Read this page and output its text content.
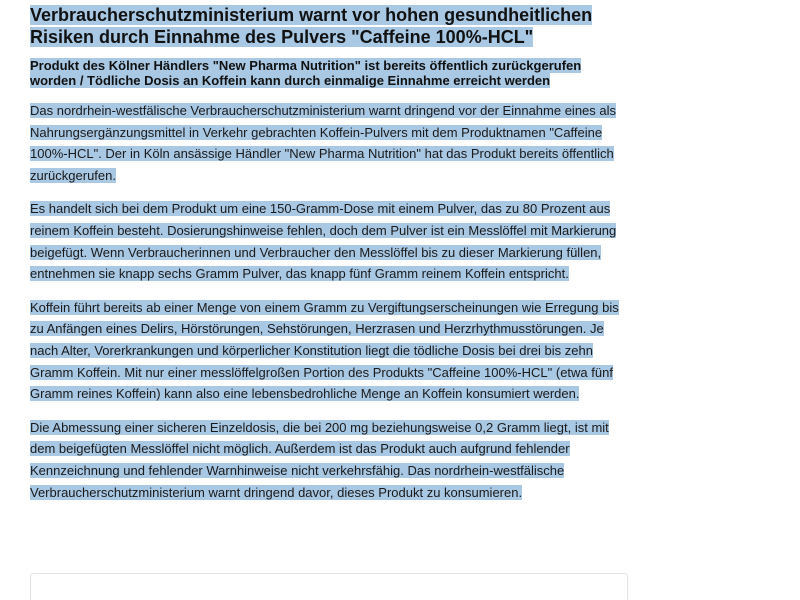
Verbraucherschutzministerium warnt vor hohen gesundheitlichen Risiken durch Einnahme des Pulvers "Caffeine 100%-HCL"
Produkt des Kölner Händlers "New Pharma Nutrition" ist bereits öffentlich zurückgerufen worden / Tödliche Dosis an Koffein kann durch einmalige Einnahme erreicht werden

Das nordrhein-westfälische Verbraucherschutzministerium warnt dringend vor der Einnahme eines als Nahrungsergänzungsmittel in Verkehr gebrachten Koffein-Pulvers mit dem Produktnamen "Caffeine 100%-HCL". Der in Köln ansässige Händler "New Pharma Nutrition" hat das Produkt bereits öffentlich zurückgerufen.

Es handelt sich bei dem Produkt um eine 150-Gramm-Dose mit einem Pulver, das zu 80 Prozent aus reinem Koffein besteht. Dosierungshinweise fehlen, doch dem Pulver ist ein Messlöffel mit Markierung beigefügt. Wenn Verbraucherinnen und Verbraucher den Messlöffel bis zu dieser Markierung füllen, entnehmen sie knapp sechs Gramm Pulver, das knapp fünf Gramm reinem Koffein entspricht.

Koffein führt bereits ab einer Menge von einem Gramm zu Vergiftungserscheinungen wie Erregung bis zu Anfängen eines Delirs, Hörstörungen, Sehstörungen, Herzrasen und Herzrhythmusstörungen. Je nach Alter, Vorerkrankungen und körperlicher Konstitution liegt die tödliche Dosis bei drei bis zehn Gramm Koffein. Mit nur einer messlöffelgroßen Portion des Produkts "Caffeine 100%-HCL" (etwa fünf Gramm reines Koffein) kann also eine lebensbedrohliche Menge an Koffein konsumiert werden.

Die Abmessung einer sicheren Einzeldosis, die bei 200 mg beziehungsweise 0,2 Gramm liegt, ist mit dem beigefügten Messlöffel nicht möglich. Außerdem ist das Produkt auch aufgrund fehlender Kennzeichnung und fehlender Warnhinweise nicht verkehrsfähig. Das nordrhein-westfälische Verbraucherschutzministerium warnt dringend davor, dieses Produkt zu konsumieren.
